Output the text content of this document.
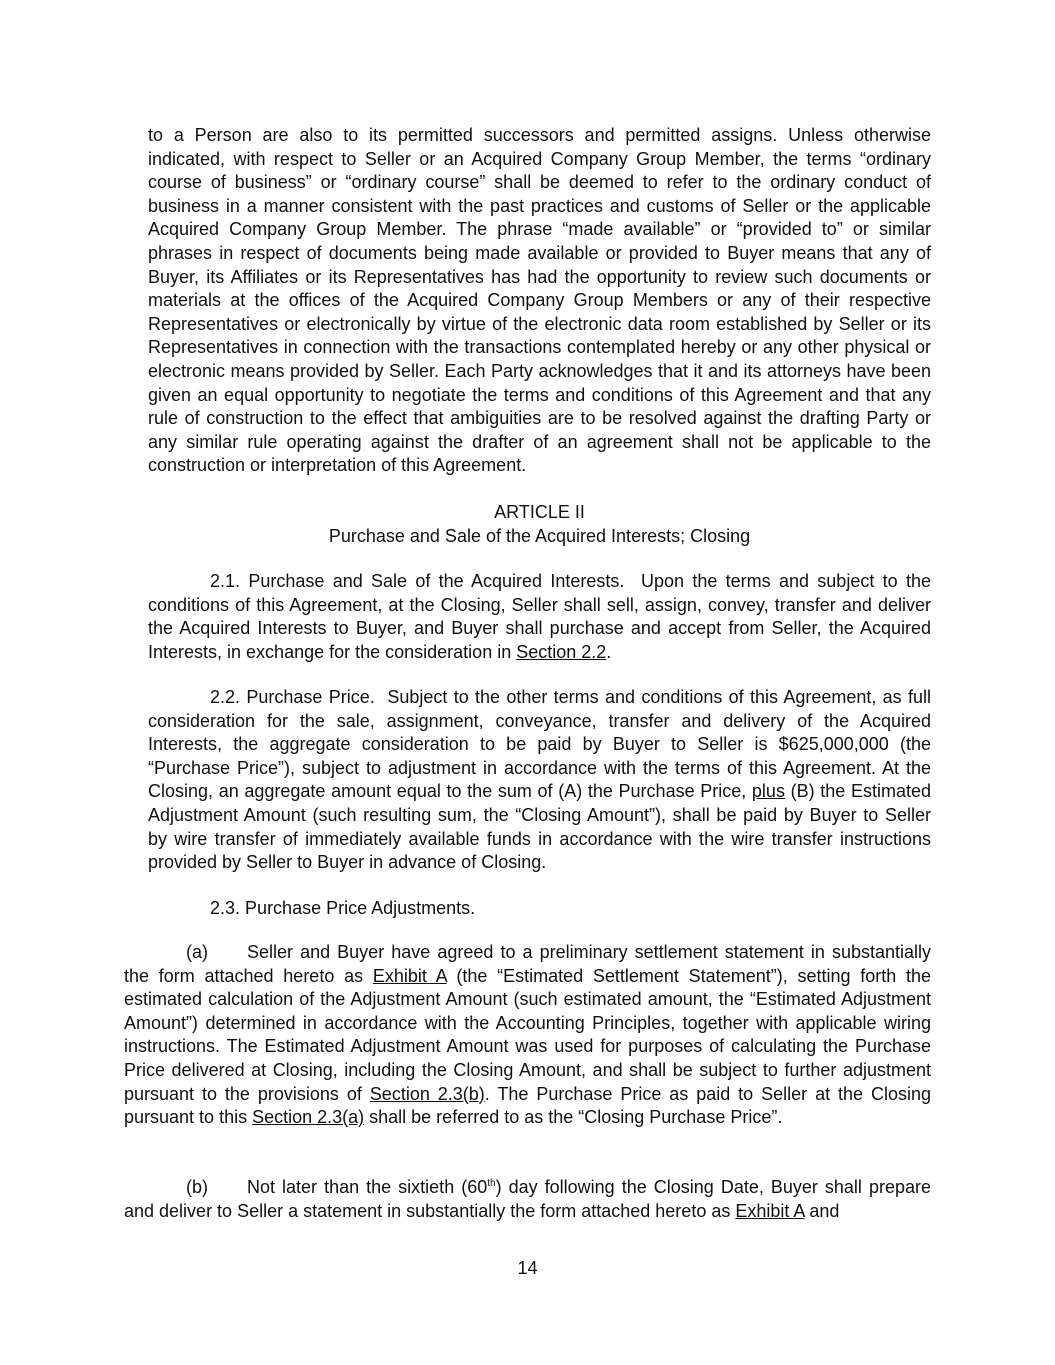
to a Person are also to its permitted successors and permitted assigns. Unless otherwise indicated, with respect to Seller or an Acquired Company Group Member, the terms “ordinary course of business” or “ordinary course” shall be deemed to refer to the ordinary conduct of business in a manner consistent with the past practices and customs of Seller or the applicable Acquired Company Group Member. The phrase “made available” or “provided to” or similar phrases in respect of documents being made available or provided to Buyer means that any of Buyer, its Affiliates or its Representatives has had the opportunity to review such documents or materials at the offices of the Acquired Company Group Members or any of their respective Representatives or electronically by virtue of the electronic data room established by Seller or its Representatives in connection with the transactions contemplated hereby or any other physical or electronic means provided by Seller. Each Party acknowledges that it and its attorneys have been given an equal opportunity to negotiate the terms and conditions of this Agreement and that any rule of construction to the effect that ambiguities are to be resolved against the drafting Party or any similar rule operating against the drafter of an agreement shall not be applicable to the construction or interpretation of this Agreement.

ARTICLE II
Purchase and Sale of the Acquired Interests; Closing

2.1. Purchase and Sale of the Acquired Interests. Upon the terms and subject to the conditions of this Agreement, at the Closing, Seller shall sell, assign, convey, transfer and deliver the Acquired Interests to Buyer, and Buyer shall purchase and accept from Seller, the Acquired Interests, in exchange for the consideration in Section 2.2.

2.2. Purchase Price. Subject to the other terms and conditions of this Agreement, as full consideration for the sale, assignment, conveyance, transfer and delivery of the Acquired Interests, the aggregate consideration to be paid by Buyer to Seller is $625,000,000 (the “Purchase Price”), subject to adjustment in accordance with the terms of this Agreement. At the Closing, an aggregate amount equal to the sum of (A) the Purchase Price, plus (B) the Estimated Adjustment Amount (such resulting sum, the “Closing Amount”), shall be paid by Buyer to Seller by wire transfer of immediately available funds in accordance with the wire transfer instructions provided by Seller to Buyer in advance of Closing.

2.3. Purchase Price Adjustments.

(a) Seller and Buyer have agreed to a preliminary settlement statement in substantially the form attached hereto as Exhibit A (the “Estimated Settlement Statement”), setting forth the estimated calculation of the Adjustment Amount (such estimated amount, the “Estimated Adjustment Amount”) determined in accordance with the Accounting Principles, together with applicable wiring instructions. The Estimated Adjustment Amount was used for purposes of calculating the Purchase Price delivered at Closing, including the Closing Amount, and shall be subject to further adjustment pursuant to the provisions of Section 2.3(b). The Purchase Price as paid to Seller at the Closing pursuant to this Section 2.3(a) shall be referred to as the “Closing Purchase Price”.

(b) Not later than the sixtieth (60th) day following the Closing Date, Buyer shall prepare and deliver to Seller a statement in substantially the form attached hereto as Exhibit A and

14
